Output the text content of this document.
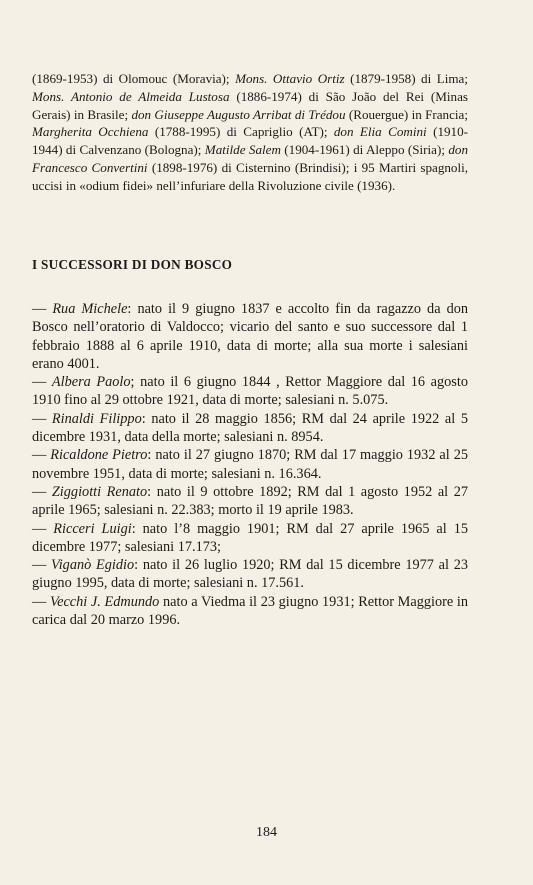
(1869-1953) di Olomouc (Moravia); Mons. Ottavio Ortiz (1879-1958) di Lima; Mons. Antonio de Almeida Lustosa (1886-1974) di São João del Rei (Minas Gerais) in Brasile; don Giuseppe Augusto Arribat di Trédou (Rouergue) in Francia; Margherita Occhiena (1788-1995) di Capriglio (AT); don Elia Comini (1910-1944) di Calvenzano (Bologna); Matilde Salem (1904-1961) di Aleppo (Siria); don Francesco Convertini (1898-1976) di Cisternino (Brindisi); i 95 Martiri spagnoli, uccisi in «odium fidei» nell’infuriare della Rivoluzione civile (1936).

I SUCCESSORI DI DON BOSCO

— Rua Michele: nato il 9 giugno 1837 e accolto fin da ragazzo da don Bosco nell’oratorio di Valdocco; vicario del santo e suo successore dal 1 febbraio 1888 al 6 aprile 1910, data di morte; alla sua morte i salesiani erano 4001.

— Albera Paolo; nato il 6 giugno 1844 , Rettor Maggiore dal 16 agosto 1910 fino al 29 ottobre 1921, data di morte; salesiani n. 5.075.

— Rinaldi Filippo: nato il 28 maggio 1856; RM dal 24 aprile 1922 al 5 dicembre 1931, data della morte; salesiani n. 8954.

— Ricaldone Pietro: nato il 27 giugno 1870; RM dal 17 maggio 1932 al 25 novembre 1951, data di morte; salesiani n. 16.364.

— Ziggiotti Renato: nato il 9 ottobre 1892; RM dal 1 agosto 1952 al 27 aprile 1965; salesiani n. 22.383; morto il 19 aprile 1983.

— Ricceri Luigi: nato l’8 maggio 1901; RM dal 27 aprile 1965 al 15 dicembre 1977; salesiani 17.173;

— Viganò Egidio: nato il 26 luglio 1920; RM dal 15 dicembre 1977 al 23 giugno 1995, data di morte; salesiani n. 17.561.

— Vecchi J. Edmundo nato a Viedma il 23 giugno 1931; Rettor Maggiore in carica dal 20 marzo 1996.

184
